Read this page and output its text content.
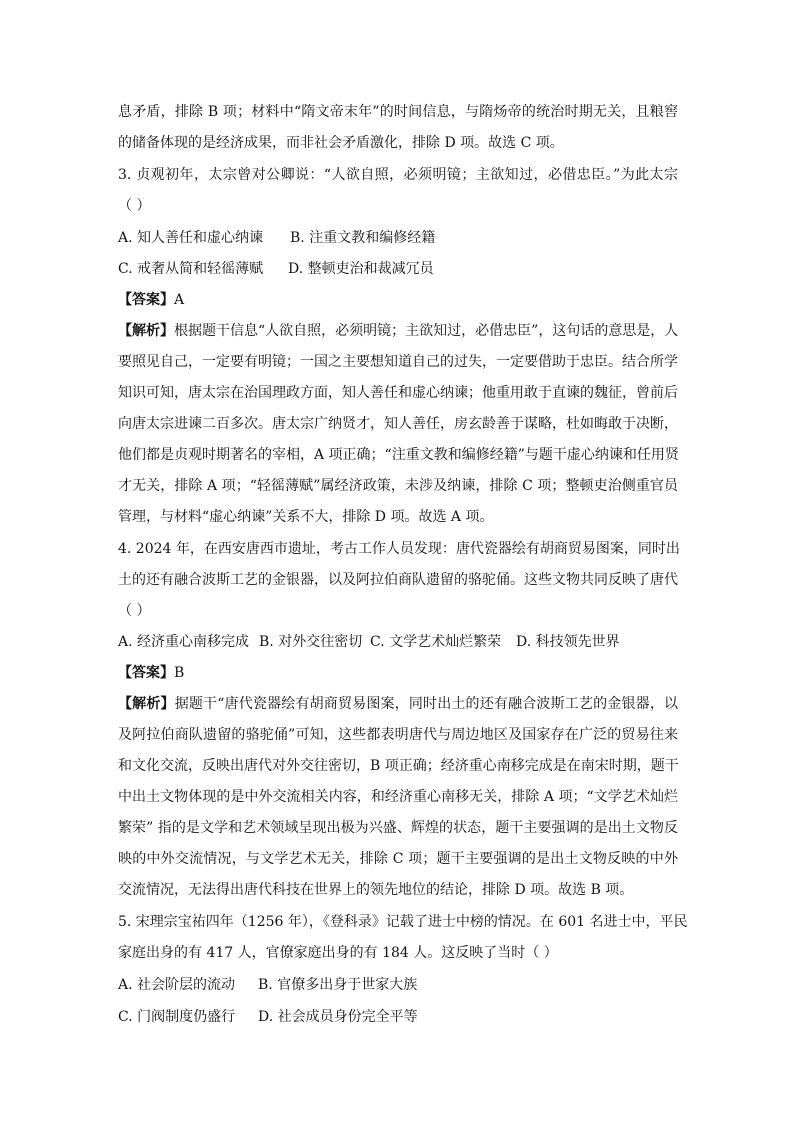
息矛盾，排除 B 项；材料中“隋文帝末年”的时间信息，与隋炀帝的统治时期无关，且粮窖
的储备体现的是经济成果，而非社会矛盾激化，排除 D 项。故选 C 项。
3. 贞观初年，太宗曾对公卿说：“人欲自照，必须明镜；主欲知过，必借忠臣。”为此太宗
（ ）
A. 知人善任和虚心纳谏 B. 注重文教和编修经籍
C. 戒奢从简和轻徭薄赋 D. 整顿吏治和裁减冗员
【答案】A
【解析】根据题干信息“人欲自照，必须明镜；主欲知过，必借忠臣”，这句话的意思是，人
要照见自己，一定要有明镜；一国之主要想知道自己的过失，一定要借助于忠臣。结合所学
知识可知，唐太宗在治国理政方面，知人善任和虚心纳谏；他重用敢于直谏的魏征，曾前后
向唐太宗进谏二百多次。唐太宗广纳贤才，知人善任，房玄龄善于谋略，杜如晦敢于决断，
他们都是贞观时期著名的宰相，A 项正确；“注重文教和编修经籍”与题干虚心纳谏和任用贤
才无关，排除 A 项；“轻徭薄赋”属经济政策，未涉及纳谏，排除 C 项；整顿吏治侧重官员
管理，与材料“虚心纳谏”关系不大，排除 D 项。故选 A 项。
4. 2024 年，在西安唐西市遗址，考古工作人员发现：唐代瓷器绘有胡商贸易图案，同时出
土的还有融合波斯工艺的金银器，以及阿拉伯商队遗留的骆驼俑。这些文物共同反映了唐代
（ ）
A. 经济重心南移完成 B. 对外交往密切 C. 文学艺术灿烂繁荣 D. 科技领先世界
【答案】B
【解析】据题干“唐代瓷器绘有胡商贸易图案，同时出土的还有融合波斯工艺的金银器，以
及阿拉伯商队遗留的骆驼俑”可知，这些都表明唐代与周边地区及国家存在广泛的贸易往来
和文化交流，反映出唐代对外交往密切，B 项正确；经济重心南移完成是在南宋时期，题干
中出土文物体现的是中外交流相关内容，和经济重心南移无关，排除 A 项；“文学艺术灿烂
繁荣” 指的是文学和艺术领域呈现出极为兴盛、辉煌的状态，题干主要强调的是出土文物反
映的中外交流情况，与文学艺术无关，排除 C 项；题干主要强调的是出土文物反映的中外
交流情况，无法得出唐代科技在世界上的领先地位的结论，排除 D 项。故选 B 项。
5. 宋理宗宝祐四年（1256 年），《登科录》记载了进士中榜的情况。在 601 名进士中，平民
家庭出身的有 417 人，官僚家庭出身的有 184 人。这反映了当时（ ）
A. 社会阶层的流动 B. 官僚多出身于世家大族
C. 门阀制度仍盛行 D. 社会成员身份完全平等
